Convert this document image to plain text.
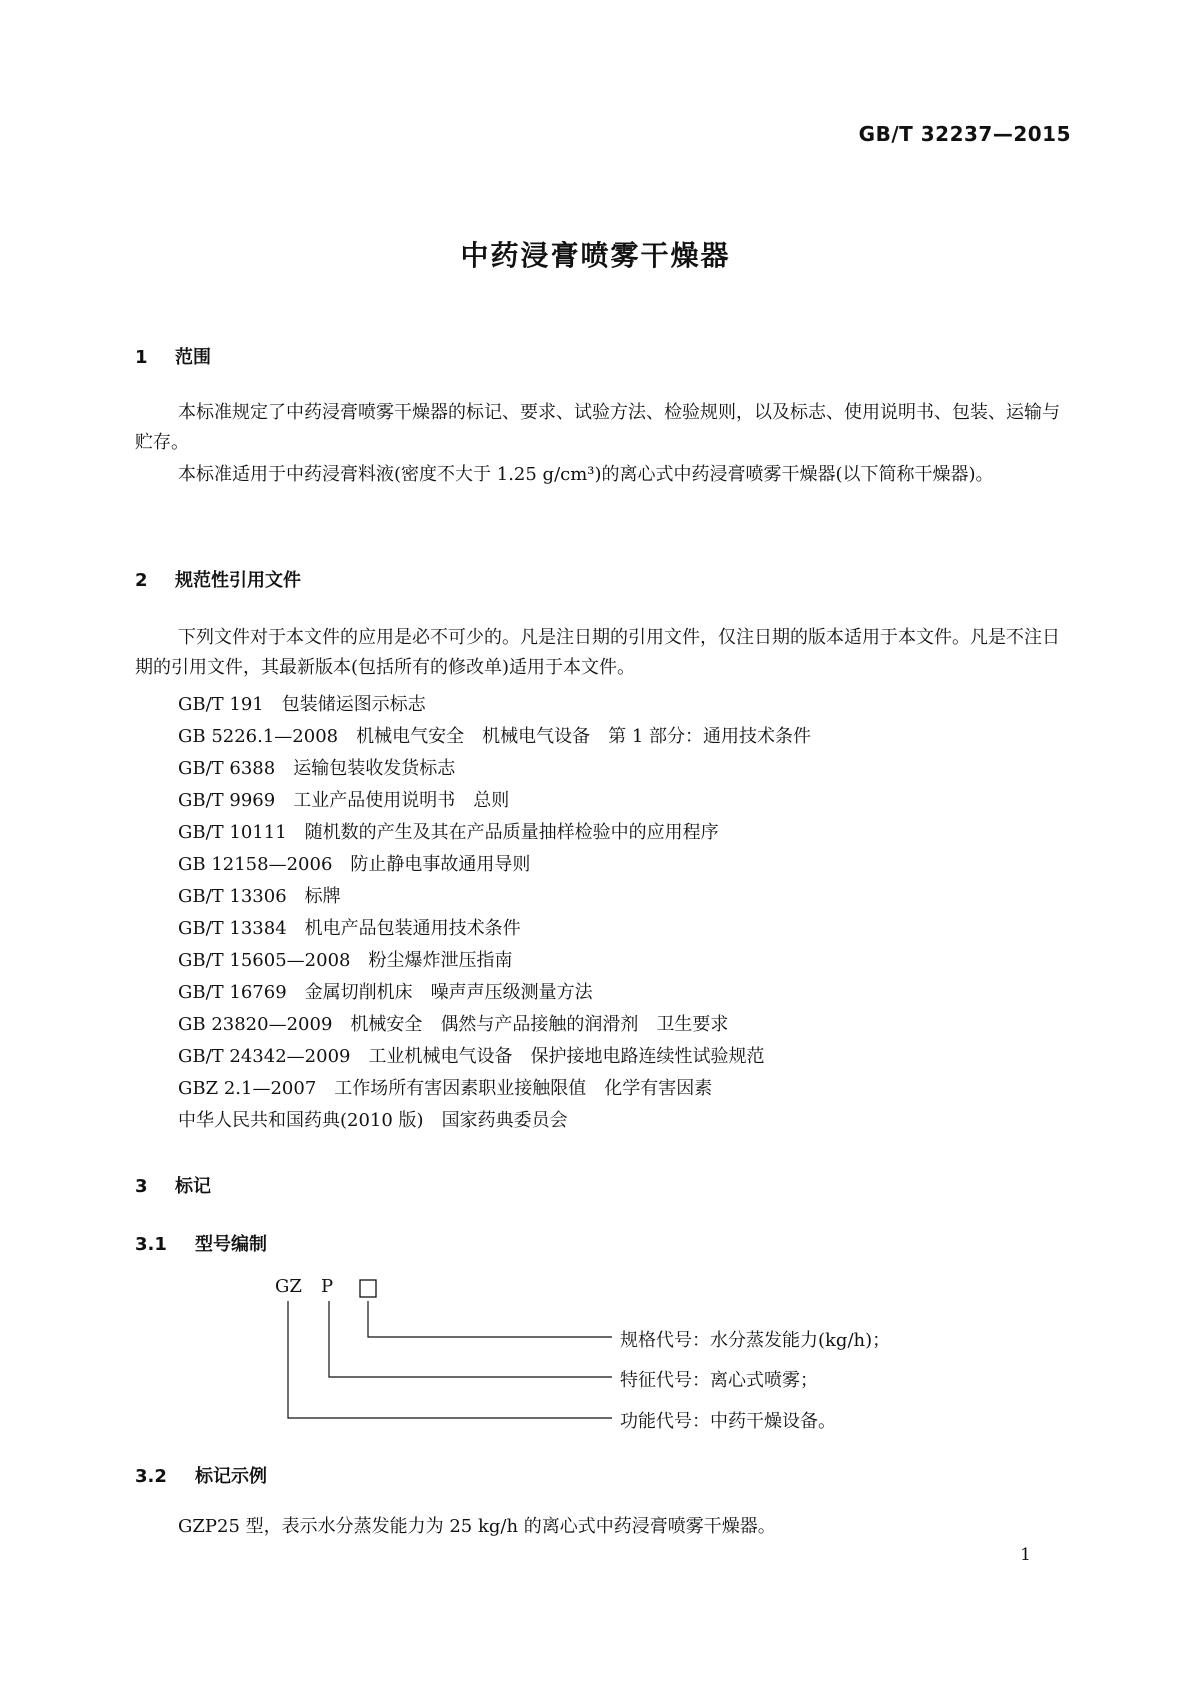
GB/T 32237—2015
中药浸膏喷雾干燥器
1 范围
本标准规定了中药浸膏喷雾干燥器的标记、要求、试验方法、检验规则，以及标志、使用说明书、包装、运输与贮存。
本标准适用于中药浸膏料液(密度不大于 1.25 g/cm³)的离心式中药浸膏喷雾干燥器(以下简称干燥器)。
2 规范性引用文件
下列文件对于本文件的应用是必不可少的。凡是注日期的引用文件，仅注日期的版本适用于本文件。凡是不注日期的引用文件，其最新版本(包括所有的修改单)适用于本文件。
GB/T 191 包装储运图示标志
GB 5226.1—2008 机械电气安全　机械电气设备　第 1 部分：通用技术条件
GB/T 6388 运输包装收发货标志
GB/T 9969 工业产品使用说明书　总则
GB/T 10111 随机数的产生及其在产品质量抽样检验中的应用程序
GB 12158—2006 防止静电事故通用导则
GB/T 13306 标牌
GB/T 13384 机电产品包装通用技术条件
GB/T 15605—2008 粉尘爆炸泄压指南
GB/T 16769 金属切削机床　噪声声压级测量方法
GB 23820—2009 机械安全　偶然与产品接触的润滑剂　卫生要求
GB/T 24342—2009 工业机械电气设备　保护接地电路连续性试验规范
GBZ 2.1—2007 工作场所有害因素职业接触限值　化学有害因素
中华人民共和国药典(2010 版) 国家药典委员会
3 标记
3.1 型号编制
GZ P
规格代号：水分蒸发能力(kg/h)；
特征代号：离心式喷雾；
功能代号：中药干燥设备。
3.2 标记示例
GZP25 型，表示水分蒸发能力为 25 kg/h 的离心式中药浸膏喷雾干燥器。
1
